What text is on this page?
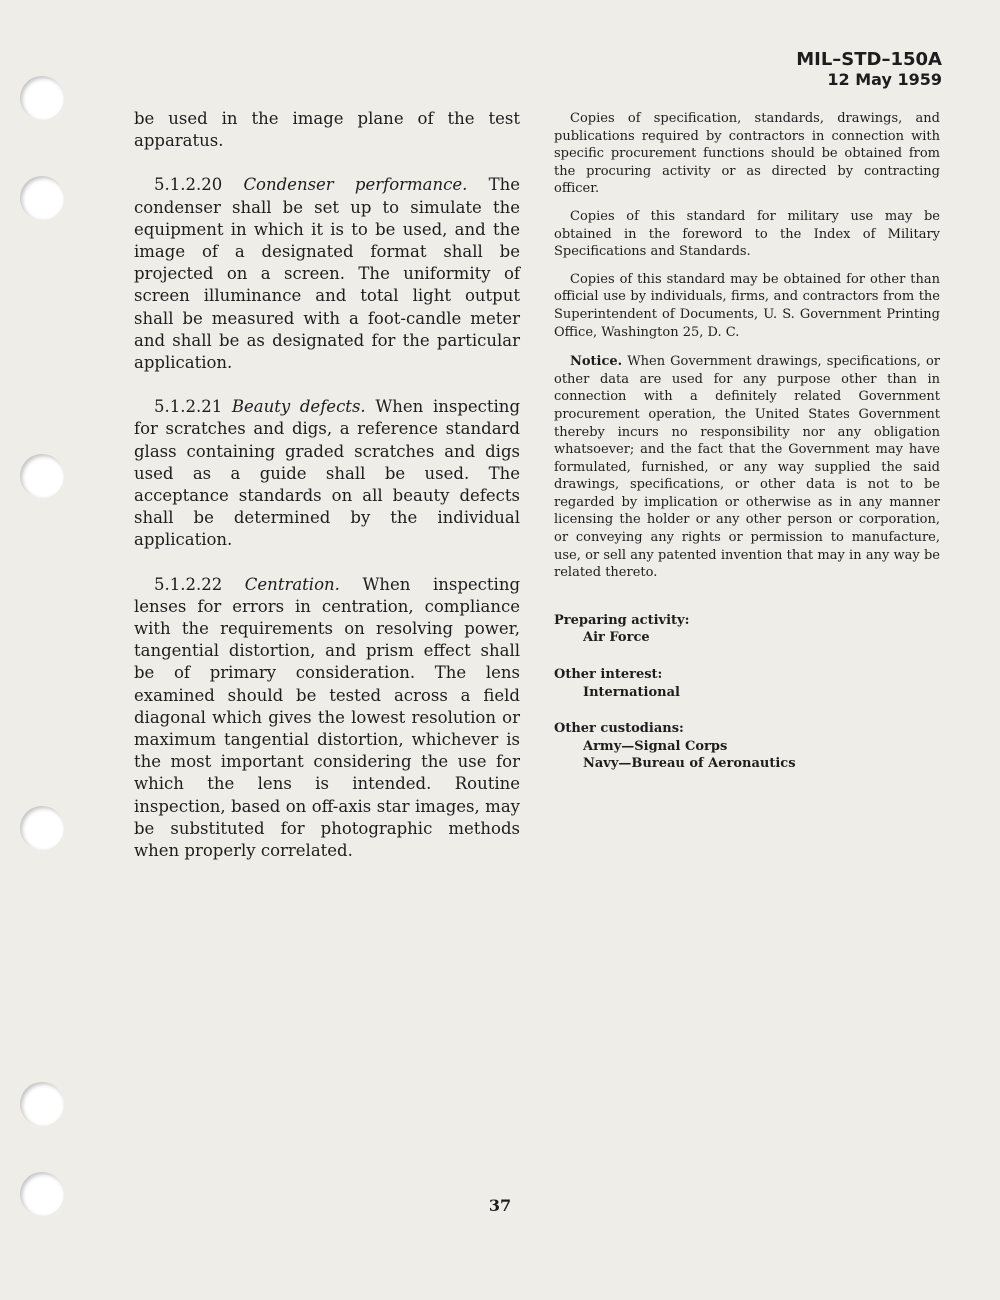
MIL–STD–150A
12 May 1959

be used in the image plane of the test apparatus.

5.1.2.20 Condenser performance. The condenser shall be set up to simulate the equipment in which it is to be used, and the image of a designated format shall be projected on a screen. The uniformity of screen illuminance and total light output shall be measured with a foot-candle meter and shall be as designated for the particular application.

5.1.2.21 Beauty defects. When inspecting for scratches and digs, a reference standard glass containing graded scratches and digs used as a guide shall be used. The acceptance standards on all beauty defects shall be determined by the individual application.

5.1.2.22 Centration. When inspecting lenses for errors in centration, compliance with the requirements on resolving power, tangential distortion, and prism effect shall be of primary consideration. The lens examined should be tested across a field diagonal which gives the lowest resolution or maximum tangential distortion, whichever is the most important considering the use for which the lens is intended. Routine inspection, based on off-axis star images, may be substituted for photographic methods when properly correlated.

Copies of specification, standards, drawings, and publications required by contractors in connection with specific procurement functions should be obtained from the procuring activity or as directed by contracting officer.

Copies of this standard for military use may be obtained in the foreword to the Index of Military Specifications and Standards.

Copies of this standard may be obtained for other than official use by individuals, firms, and contractors from the Superintendent of Documents, U. S. Government Printing Office, Washington 25, D. C.

Notice. When Government drawings, specifications, or other data are used for any purpose other than in connection with a definitely related Government procurement operation, the United States Government thereby incurs no responsibility nor any obligation whatsoever; and the fact that the Government may have formulated, furnished, or any way supplied the said drawings, specifications, or other data is not to be regarded by implication or otherwise as in any manner licensing the holder or any other person or corporation, or conveying any rights or permission to manufacture, use, or sell any patented invention that may in any way be related thereto.

Preparing activity:
Air Force
Other interest:
International
Other custodians:
Army—Signal Corps
Navy—Bureau of Aeronautics
37
